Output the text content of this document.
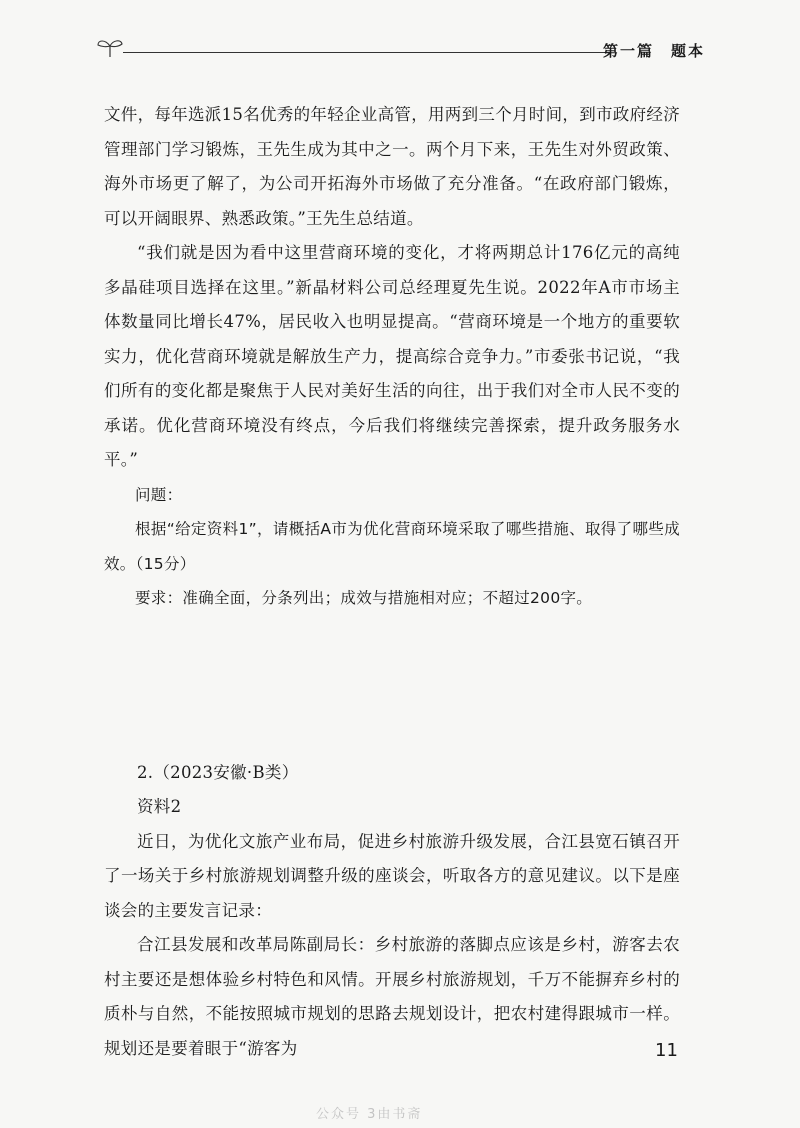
第一篇　题本

文件，每年选派15名优秀的年轻企业高管，用两到三个月时间，到市政府经济管理部门学习锻炼，王先生成为其中之一。两个月下来，王先生对外贸政策、海外市场更了解了，为公司开拓海外市场做了充分准备。“在政府部门锻炼，可以开阔眼界、熟悉政策。”王先生总结道。

“我们就是因为看中这里营商环境的变化，才将两期总计176亿元的高纯多晶硅项目选择在这里。”新晶材料公司总经理夏先生说。2022年A市市场主体数量同比增长47%，居民收入也明显提高。“营商环境是一个地方的重要软实力，优化营商环境就是解放生产力，提高综合竞争力。”市委张书记说，“我们所有的变化都是聚焦于人民对美好生活的向往，出于我们对全市人民不变的承诺。优化营商环境没有终点，今后我们将继续完善探索，提升政务服务水平。”

问题：

根据“给定资料1”，请概括A市为优化营商环境采取了哪些措施、取得了哪些成效。（15分）

要求：准确全面，分条列出；成效与措施相对应；不超过200字。

2.（2023安徽·B类）

资料2

近日，为优化文旅产业布局，促进乡村旅游升级发展，合江县宽石镇召开了一场关于乡村旅游规划调整升级的座谈会，听取各方的意见建议。以下是座谈会的主要发言记录：

合江县发展和改革局陈副局长：乡村旅游的落脚点应该是乡村，游客去农村主要还是想体验乡村特色和风情。开展乡村旅游规划，千万不能摒弃乡村的质朴与自然，不能按照城市规划的思路去规划设计，把农村建得跟城市一样。规划还是要着眼于“游客为	11
公众号 3由书斋
